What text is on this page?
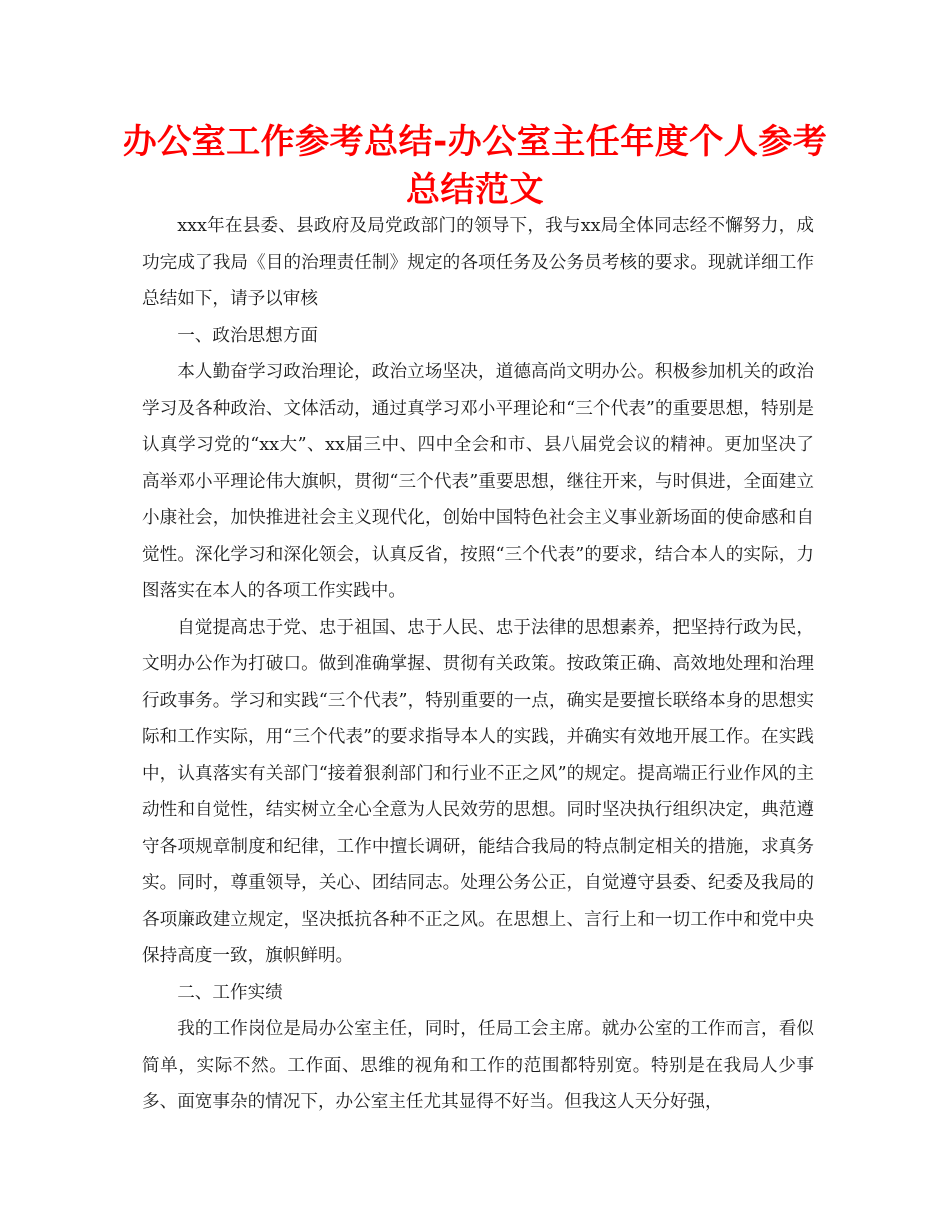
办公室工作参考总结-办公室主任年度个人参考总结范文

xxx年在县委、县政府及局党政部门的领导下，我与xx局全体同志经不懈努力，成功完成了我局《目的治理责任制》规定的各项任务及公务员考核的要求。现就详细工作总结如下，请予以审核

一、政治思想方面

本人勤奋学习政治理论，政治立场坚决，道德高尚文明办公。积极参加机关的政治学习及各种政治、文体活动，通过真学习邓小平理论和“三个代表”的重要思想，特别是认真学习党的“xx大”、xx届三中、四中全会和市、县八届党会议的精神。更加坚决了高举邓小平理论伟大旗帜，贯彻“三个代表”重要思想，继往开来，与时俱进，全面建立小康社会，加快推进社会主义现代化，创始中国特色社会主义事业新场面的使命感和自觉性。深化学习和深化领会，认真反省，按照“三个代表”的要求，结合本人的实际，力图落实在本人的各项工作实践中。

自觉提高忠于党、忠于祖国、忠于人民、忠于法律的思想素养，把坚持行政为民，文明办公作为打破口。做到准确掌握、贯彻有关政策。按政策正确、高效地处理和治理行政事务。学习和实践“三个代表”，特别重要的一点，确实是要擅长联络本身的思想实际和工作实际，用“三个代表”的要求指导本人的实践，并确实有效地开展工作。在实践中，认真落实有关部门“接着狠刹部门和行业不正之风”的规定。提高端正行业作风的主动性和自觉性，结实树立全心全意为人民效劳的思想。同时坚决执行组织决定，典范遵守各项规章制度和纪律，工作中擅长调研，能结合我局的特点制定相关的措施，求真务实。同时，尊重领导，关心、团结同志。处理公务公正，自觉遵守县委、纪委及我局的各项廉政建立规定，坚决抵抗各种不正之风。在思想上、言行上和一切工作中和党中央保持高度一致，旗帜鲜明。

二、工作实绩

我的工作岗位是局办公室主任，同时，任局工会主席。就办公室的工作而言，看似简单，实际不然。工作面、思维的视角和工作的范围都特别宽。特别是在我局人少事多、面宽事杂的情况下，办公室主任尤其显得不好当。但我这人天分好强，
